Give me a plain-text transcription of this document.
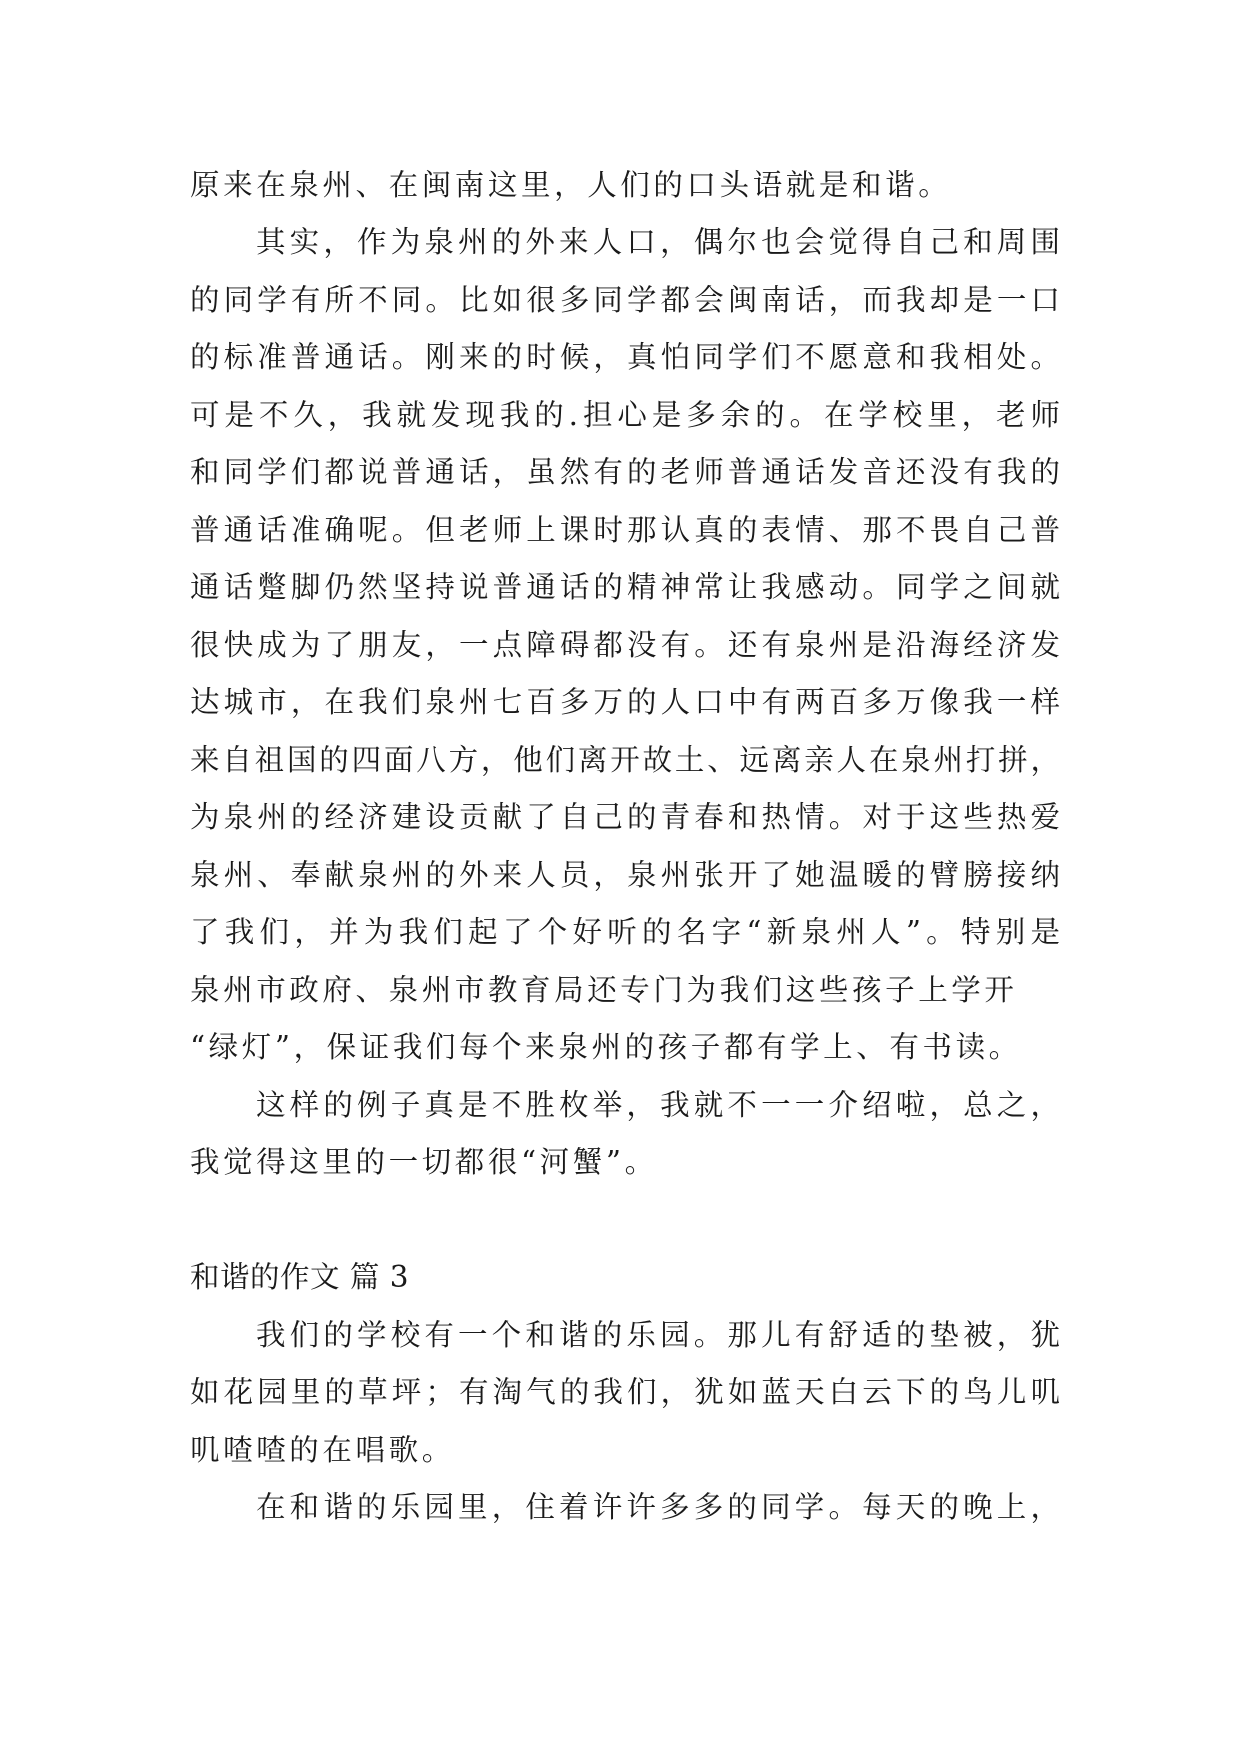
原来在泉州、在闽南这里，人们的口头语就是和谐。
其实，作为泉州的外来人口，偶尔也会觉得自己和周围
的同学有所不同。比如很多同学都会闽南话，而我却是一口
的标准普通话。刚来的时候，真怕同学们不愿意和我相处。
可是不久，我就发现我的.担心是多余的。在学校里，老师
和同学们都说普通话，虽然有的老师普通话发音还没有我的
普通话准确呢。但老师上课时那认真的表情、那不畏自己普
通话蹩脚仍然坚持说普通话的精神常让我感动。同学之间就
很快成为了朋友，一点障碍都没有。还有泉州是沿海经济发
达城市，在我们泉州七百多万的人口中有两百多万像我一样
来自祖国的四面八方，他们离开故土、远离亲人在泉州打拼，
为泉州的经济建设贡献了自己的青春和热情。对于这些热爱
泉州、奉献泉州的外来人员，泉州张开了她温暖的臂膀接纳
了我们，并为我们起了个好听的名字“新泉州人”。特别是
泉州市政府、泉州市教育局还专门为我们这些孩子上学开
“绿灯”，保证我们每个来泉州的孩子都有学上、有书读。
这样的例子真是不胜枚举，我就不一一介绍啦，总之，
我觉得这里的一切都很“河蟹”。
和谐的作文 篇 3
我们的学校有一个和谐的乐园。那儿有舒适的垫被，犹
如花园里的草坪；有淘气的我们，犹如蓝天白云下的鸟儿叽
叽喳喳的在唱歌。
在和谐的乐园里，住着许许多多的同学。每天的晚上，
